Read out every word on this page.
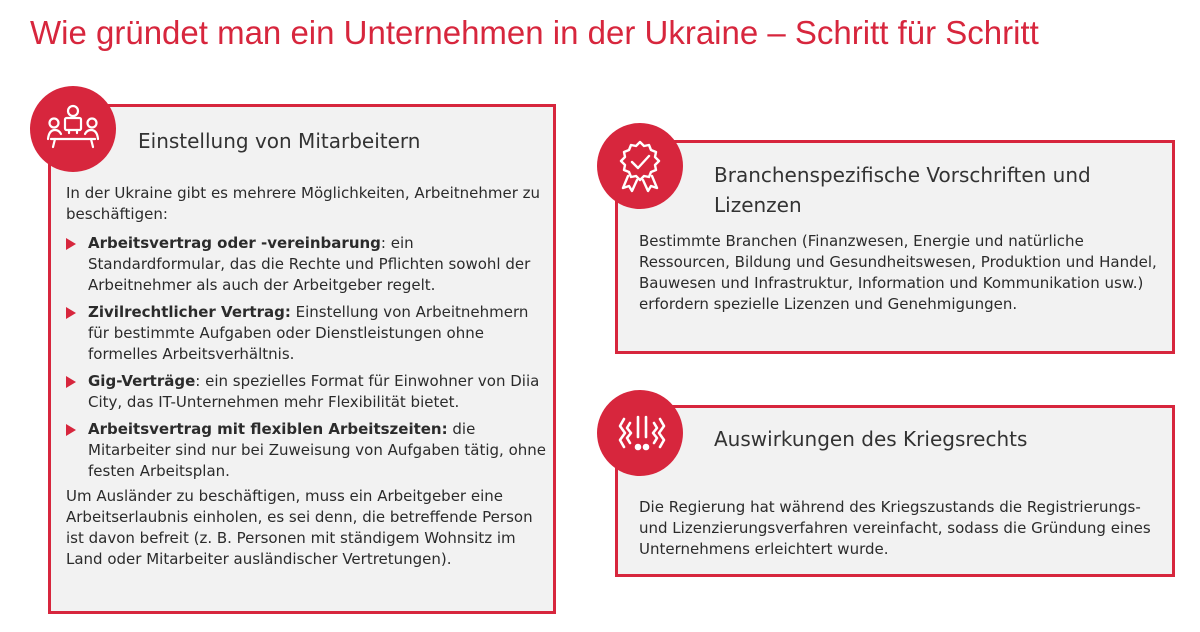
Wie gründet man ein Unternehmen in der Ukraine – Schritt für Schritt
Einstellung von Mitarbeitern
In der Ukraine gibt es mehrere Möglichkeiten, Arbeitnehmer zu beschäftigen:
Arbeitsvertrag oder -vereinbarung: ein Standardformular, das die Rechte und Pflichten sowohl der Arbeitnehmer als auch der Arbeitgeber regelt.
Zivilrechtlicher Vertrag: Einstellung von Arbeitnehmern für bestimmte Aufgaben oder Dienstleistungen ohne formelles Arbeitsverhältnis.
Gig-Verträge: ein spezielles Format für Einwohner von Diia City, das IT-Unternehmen mehr Flexibilität bietet.
Arbeitsvertrag mit flexiblen Arbeitszeiten: die Mitarbeiter sind nur bei Zuweisung von Aufgaben tätig, ohne festen Arbeitsplan.
Um Ausländer zu beschäftigen, muss ein Arbeitgeber eine Arbeitserlaubnis einholen, es sei denn, die betreffende Person ist davon befreit (z. B. Personen mit ständigem Wohnsitz im Land oder Mitarbeiter ausländischer Vertretungen).
Branchenspezifische Vorschriften und Lizenzen
Bestimmte Branchen (Finanzwesen, Energie und natürliche Ressourcen, Bildung und Gesundheitswesen, Produktion und Handel, Bauwesen und Infrastruktur, Information und Kommunikation usw.) erfordern spezielle Lizenzen und Genehmigungen.
Auswirkungen des Kriegsrechts
Die Regierung hat während des Kriegszustands die Registrierungs- und Lizenzierungsverfahren vereinfacht, sodass die Gründung eines Unternehmens erleichtert wurde.
